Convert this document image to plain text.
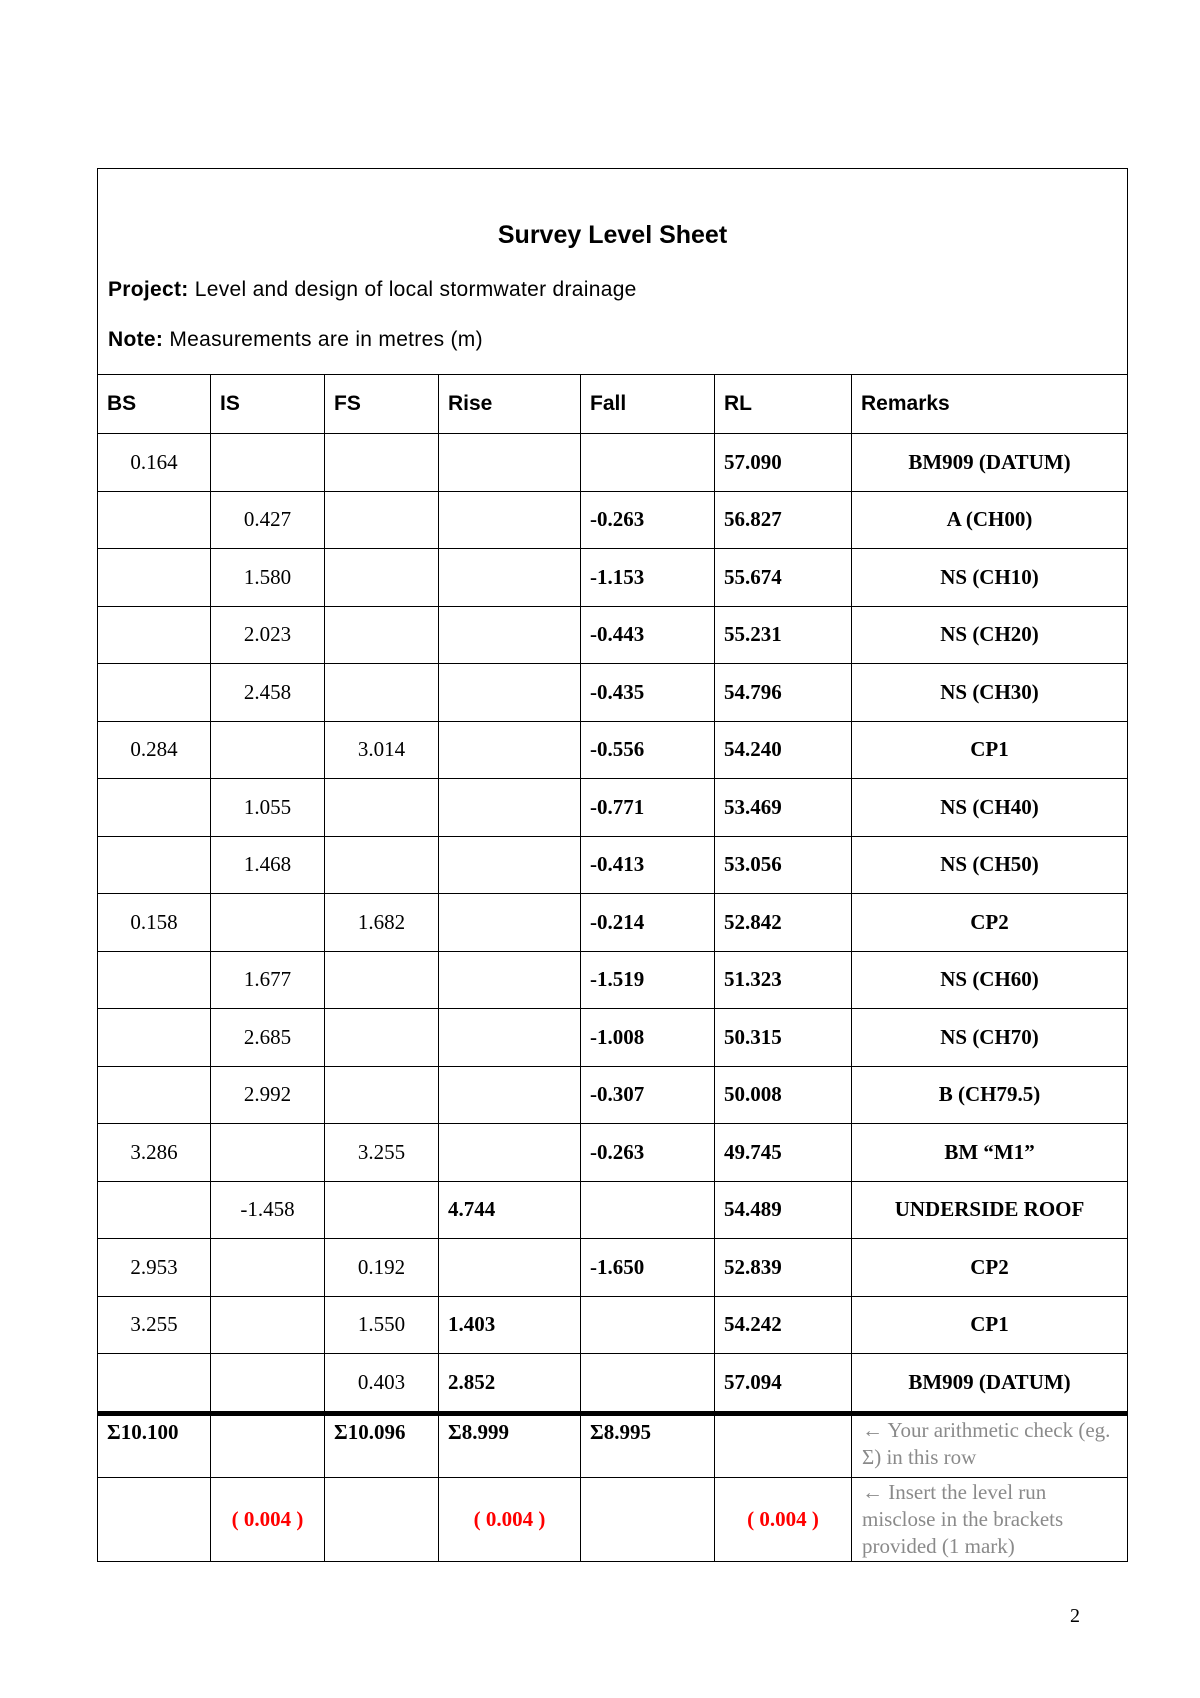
Survey Level Sheet
Project: Level and design of local stormwater drainage
Note: Measurements are in metres (m)						

BS	IS	FS	Rise	Fall	RL	Remarks
0.164					57.090	BM909 (DATUM)
	0.427			-0.263	56.827	A (CH00)
	1.580			-1.153	55.674	NS (CH10)
	2.023			-0.443	55.231	NS (CH20)
	2.458			-0.435	54.796	NS (CH30)
0.284		3.014		-0.556	54.240	CP1
	1.055			-0.771	53.469	NS (CH40)
	1.468			-0.413	53.056	NS (CH50)
0.158		1.682		-0.214	52.842	CP2
	1.677			-1.519	51.323	NS (CH60)
	2.685			-1.008	50.315	NS (CH70)
	2.992			-0.307	50.008	B (CH79.5)
3.286		3.255		-0.263	49.745	BM “M1”
	-1.458		4.744		54.489	UNDERSIDE ROOF
2.953		0.192		-1.650	52.839	CP2
3.255		1.550	1.403		54.242	CP1
		0.403	2.852		57.094	BM909 (DATUM)
Σ10.100		Σ10.096	Σ8.999	Σ8.995		← Your arithmetic check (eg. Σ) in this row
	( 0.004 )		( 0.004 )		( 0.004 )	← Insert the level run misclose in the brackets provided (1 mark)
2
